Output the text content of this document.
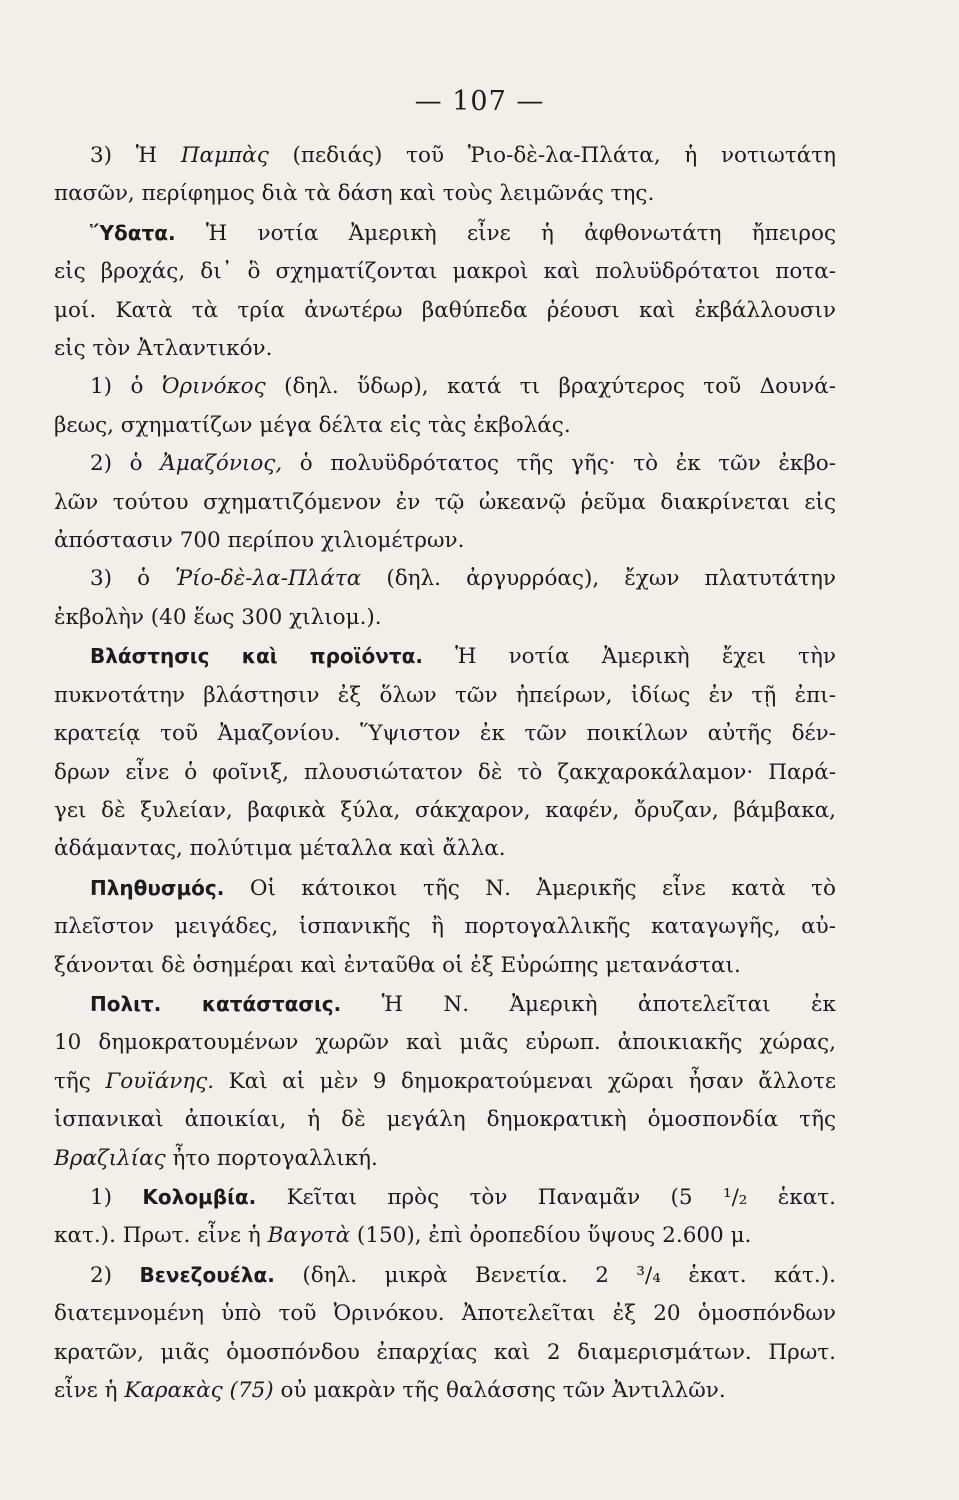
— 107 —

3) Ἡ Παμπὰς (πεδιάς) τοῦ Ῥιο-δὲ-λα-Πλάτα, ἡ νοτιωτάτη
πασῶν, περίφημος διὰ τὰ δάση καὶ τοὺς λειμῶνάς της.

Ὕδατα. Ἡ νοτία Ἀμερικὴ εἶνε ἡ ἀφθονωτάτη ἤπειρος
εἰς βροχάς, δι᾽ ὃ σχηματίζονται μακροὶ καὶ πολυϋδρότατοι ποτα-
μοί. Κατὰ τὰ τρία ἀνωτέρω βαθύπεδα ῥέουσι καὶ ἐκβάλλουσιν
εἰς τὸν Ἀτλαντικόν.

1) ὁ Ὀρινόκος (δηλ. ὕδωρ), κατά τι βραχύτερος τοῦ Δουνά-
βεως, σχηματίζων μέγα δέλτα εἰς τὰς ἐκβολάς.

2) ὁ Ἀμαζόνιος, ὁ πολυϋδρότατος τῆς γῆς· τὸ ἐκ τῶν ἐκβο-
λῶν τούτου σχηματιζόμενον ἐν τῷ ὠκεανῷ ῥεῦμα διακρίνεται εἰς
ἀπόστασιν 700 περίπου χιλιομέτρων.

3) ὁ Ῥίο-δὲ-λα-Πλάτα (δηλ. ἀργυρρόας), ἔχων πλατυτάτην
ἐκβολὴν (40 ἕως 300 χιλιομ.).

Βλάστησις καὶ προϊόντα. Ἡ νοτία Ἀμερικὴ ἔχει τὴν
πυκνοτάτην βλάστησιν ἐξ ὅλων τῶν ἠπείρων, ἰδίως ἐν τῇ ἐπι-
κρατείᾳ τοῦ Ἀμαζονίου. Ὕψιστον ἐκ τῶν ποικίλων αὐτῆς δέν-
δρων εἶνε ὁ φοῖνιξ, πλουσιώτατον δὲ τὸ ζακχαροκάλαμον· Παρά-
γει δὲ ξυλείαν, βαφικὰ ξύλα, σάκχαρον, καφέν, ὄρυζαν, βάμβακα,
ἀδάμαντας, πολύτιμα μέταλλα καὶ ἄλλα.

Πληθυσμός. Οἱ κάτοικοι τῆς Ν. Ἀμερικῆς εἶνε κατὰ τὸ
πλεῖστον μειγάδες, ἱσπανικῆς ἢ πορτογαλλικῆς καταγωγῆς, αὐ-
ξάνονται δὲ ὁσημέραι καὶ ἐνταῦθα οἱ ἐξ Εὐρώπης μετανάσται.

Πολιτ. κατάστασις. Ἡ Ν. Ἀμερικὴ ἀποτελεῖται ἐκ
10 δημοκρατουμένων χωρῶν καὶ μιᾶς εὐρωπ. ἀποικιακῆς χώρας,
τῆς Γουϊάνης. Καὶ αἱ μὲν 9 δημοκρατούμεναι χῶραι ἦσαν ἄλλοτε
ἱσπανικαὶ ἀποικίαι, ἡ δὲ μεγάλη δημοκρατικὴ ὁμοσπονδία τῆς
Βραζιλίας ἦτο πορτογαλλική.

1) Κολομβία. Κεῖται πρὸς τὸν Παναμᾶν (5 ¹/₂ ἑκατ.
κατ.). Πρωτ. εἶνε ἡ Βαγοτὰ (150), ἐπὶ ὀροπεδίου ὕψους 2.600 μ.

2) Βενεζουέλα. (δηλ. μικρὰ Βενετία. 2 ³/₄ ἑκατ. κάτ.).
διατεμνομένη ὑπὸ τοῦ Ὀρινόκου. Ἀποτελεῖται ἐξ 20 ὁμοσπόνδων
κρατῶν, μιᾶς ὁμοσπόνδου ἐπαρχίας καὶ 2 διαμερισμάτων. Πρωτ.
εἶνε ἡ Καρακὰς (75) οὐ μακρὰν τῆς θαλάσσης τῶν Ἀντιλλῶν.
